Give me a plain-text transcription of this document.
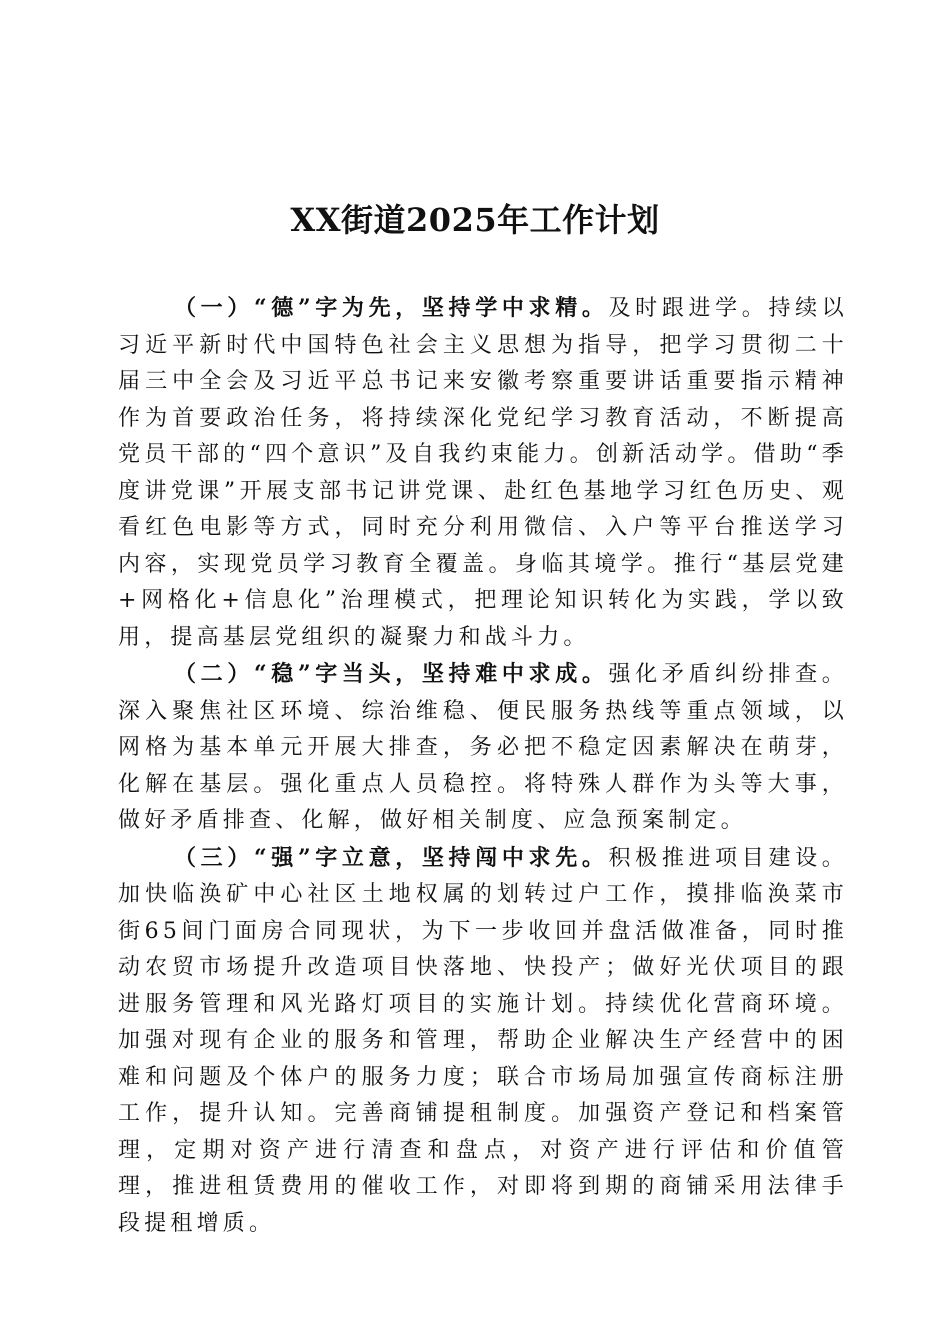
XX街道2025年工作计划

（一）“德”字为先，坚持学中求精。及时跟进学。持续以习近平新时代中国特色社会主义思想为指导，把学习贯彻二十届三中全会及习近平总书记来安徽考察重要讲话重要指示精神作为首要政治任务，将持续深化党纪学习教育活动，不断提高党员干部的“四个意识”及自我约束能力。创新活动学。借助“季度讲党课”开展支部书记讲党课、赴红色基地学习红色历史、观看红色电影等方式，同时充分利用微信、入户等平台推送学习内容，实现党员学习教育全覆盖。身临其境学。推行“基层党建+网格化+信息化”治理模式，把理论知识转化为实践，学以致用，提高基层党组织的凝聚力和战斗力。

（二）“稳”字当头，坚持难中求成。强化矛盾纠纷排查。深入聚焦社区环境、综治维稳、便民服务热线等重点领域，以网格为基本单元开展大排查，务必把不稳定因素解决在萌芽，化解在基层。强化重点人员稳控。将特殊人群作为头等大事，做好矛盾排查、化解，做好相关制度、应急预案制定。

（三）“强”字立意，坚持闯中求先。积极推进项目建设。加快临涣矿中心社区土地权属的划转过户工作，摸排临涣菜市街65间门面房合同现状，为下一步收回并盘活做准备，同时推动农贸市场提升改造项目快落地、快投产；做好光伏项目的跟进服务管理和风光路灯项目的实施计划。持续优化营商环境。加强对现有企业的服务和管理，帮助企业解决生产经营中的困难和问题及个体户的服务力度；联合市场局加强宣传商标注册工作，提升认知。完善商铺提租制度。加强资产登记和档案管理，定期对资产进行清查和盘点，对资产进行评估和价值管理，推进租赁费用的催收工作，对即将到期的商铺采用法律手段提租增质。
